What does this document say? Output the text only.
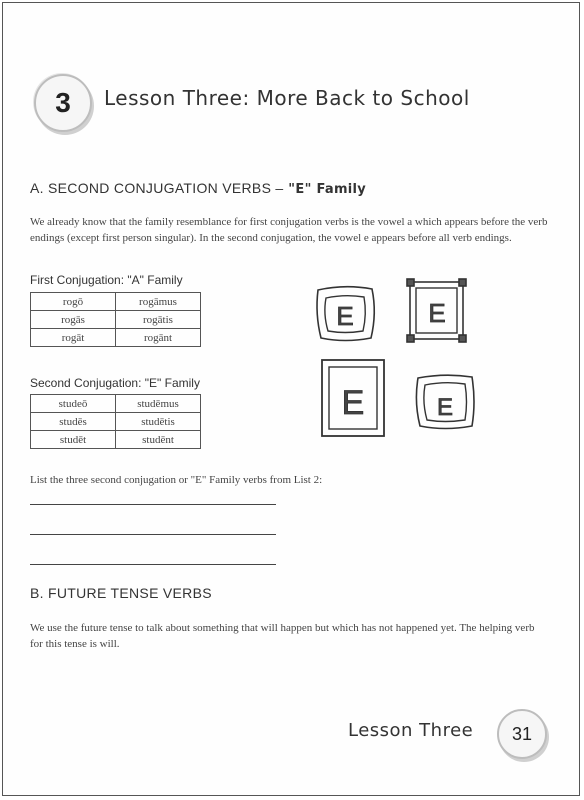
3 Lesson Three: More Back to School
A. SECOND CONJUGATION VERBS – "E" Family
We already know that the family resemblance for first conjugation verbs is the vowel a which appears before the verb endings (except first person singular). In the second conjugation, the vowel e appears before all verb endings.
First Conjugation: "A" Family
rogō	rogāmus
rogās	rogātis
rogāt	rogānt
Second Conjugation: "E" Family
studeō	studēmus
studēs	studētis
studēt	studēnt
E	E
E	E
List the three second conjugation or "E" Family verbs from List 2:
B. FUTURE TENSE VERBS
We use the future tense to talk about something that will happen but which has not happened yet. The helping verb for this tense is will.
Lesson Three 31
